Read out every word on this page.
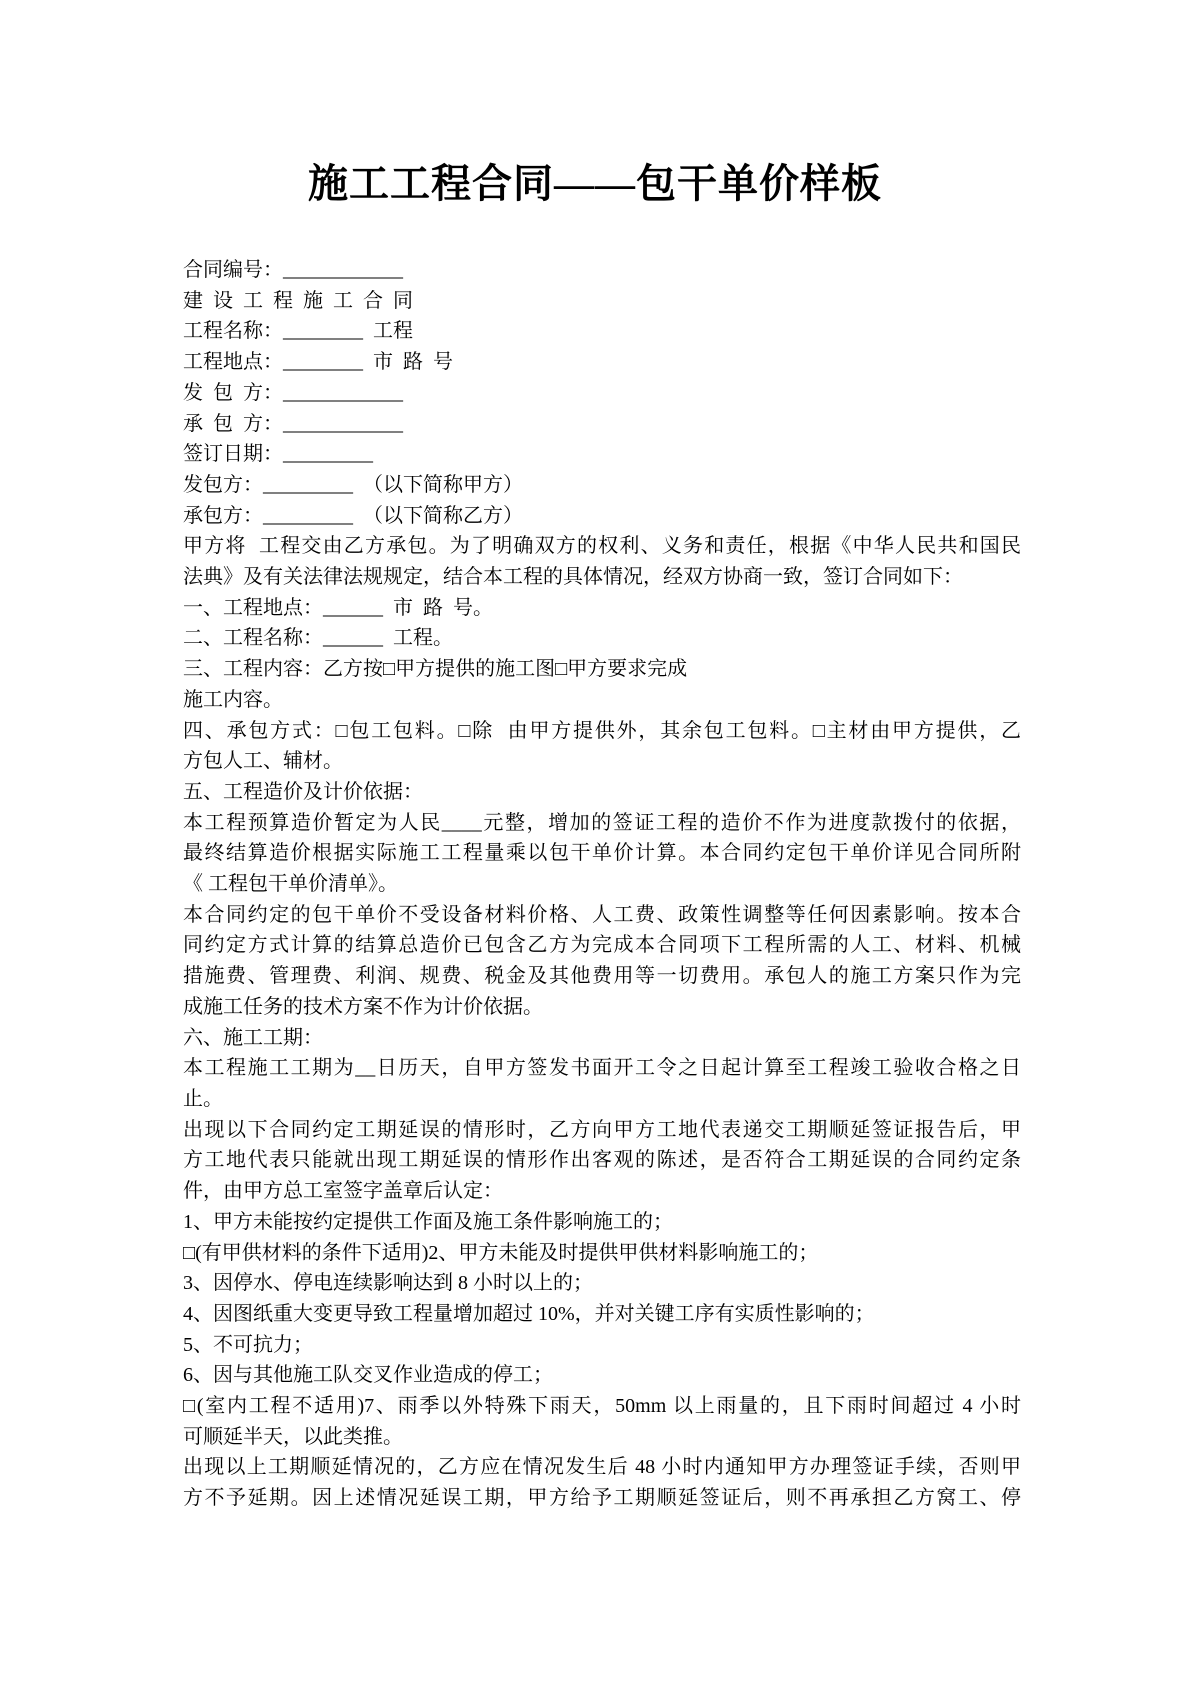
施工工程合同——包干单价样板
合同编号：____________
建  设  工  程  施  工  合  同
工程名称：________  工程
工程地点：________  市  路  号
发  包  方：____________
承  包  方：____________
签订日期：_________
发包方：_________  （以下简称甲方）
承包方：_________  （以下简称乙方）
甲方将  工程交由乙方承包。为了明确双方的权利、义务和责任，根据《中华人民共和国民
法典》及有关法律法规规定，结合本工程的具体情况，经双方协商一致，签订合同如下：
一、工程地点：______  市  路  号。
二、工程名称：______  工程。
三、工程内容：乙方按□甲方提供的施工图□甲方要求完成
施工内容。
四、承包方式：□包工包料。□除  由甲方提供外，其余包工包料。□主材由甲方提供，乙
方包人工、辅材。
五、工程造价及计价依据：
本工程预算造价暂定为人民____元整，增加的签证工程的造价不作为进度款拨付的依据，
最终结算造价根据实际施工工程量乘以包干单价计算。本合同约定包干单价详见合同所附
《 工程包干单价清单》。
本合同约定的包干单价不受设备材料价格、人工费、政策性调整等任何因素影响。按本合
同约定方式计算的结算总造价已包含乙方为完成本合同项下工程所需的人工、材料、机械
措施费、管理费、利润、规费、税金及其他费用等一切费用。承包人的施工方案只作为完
成施工任务的技术方案不作为计价依据。
六、施工工期：
本工程施工工期为__日历天，自甲方签发书面开工令之日起计算至工程竣工验收合格之日
止。
出现以下合同约定工期延误的情形时，乙方向甲方工地代表递交工期顺延签证报告后，甲
方工地代表只能就出现工期延误的情形作出客观的陈述，是否符合工期延误的合同约定条
件，由甲方总工室签字盖章后认定：
1、甲方未能按约定提供工作面及施工条件影响施工的；
□(有甲供材料的条件下适用)2、甲方未能及时提供甲供材料影响施工的；
3、因停水、停电连续影响达到 8 小时以上的；
4、因图纸重大变更导致工程量增加超过 10%，并对关键工序有实质性影响的；
5、不可抗力；
6、因与其他施工队交叉作业造成的停工；
□(室内工程不适用)7、雨季以外特殊下雨天，50mm 以上雨量的，且下雨时间超过 4 小时
可顺延半天，以此类推。
出现以上工期顺延情况的，乙方应在情况发生后 48 小时内通知甲方办理签证手续，否则甲
方不予延期。因上述情况延误工期，甲方给予工期顺延签证后，则不再承担乙方窝工、停
